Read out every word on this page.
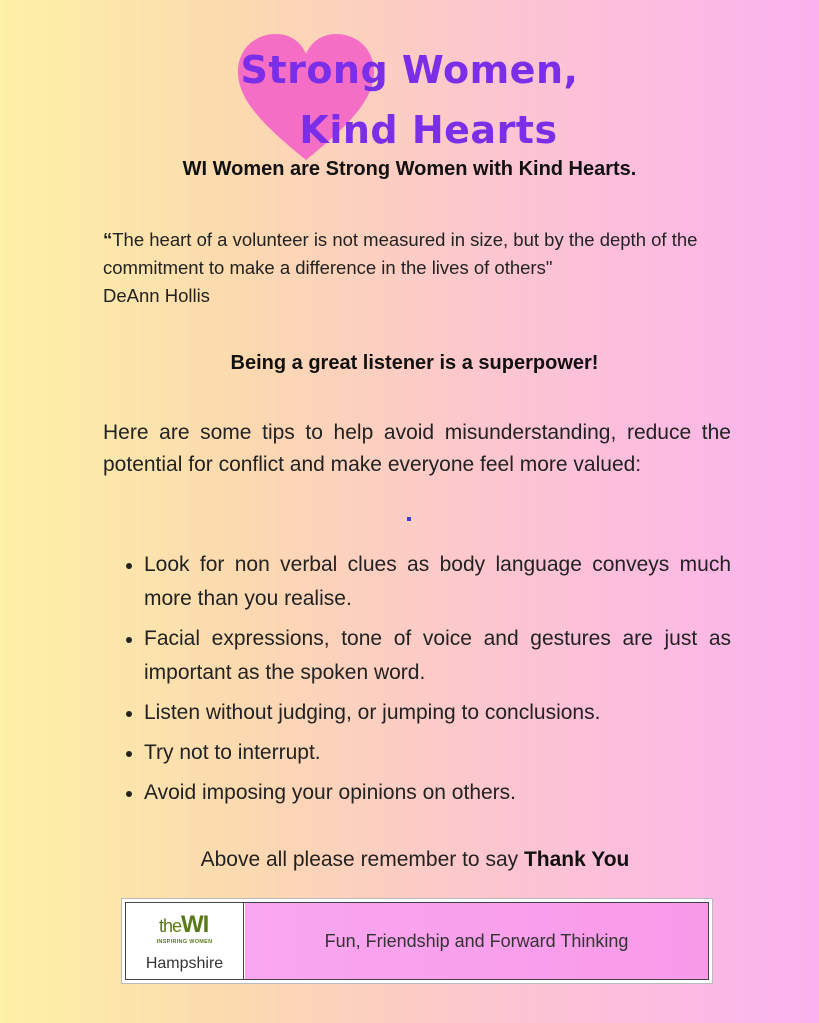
Strong Women,
Kind Hearts
WI Women are Strong Women with Kind Hearts.
“The heart of a volunteer is not measured in size, but by the depth of the commitment to make a difference in the lives of others"
DeAnn Hollis
Being a great listener is a superpower!
Here are some tips to help avoid misunderstanding, reduce the potential for conflict and make everyone feel more valued:
Look for non verbal clues as body language conveys much more than you realise.
Facial expressions, tone of voice and gestures are just as important as the spoken word.
Listen without judging, or jumping to conclusions.
Try not to interrupt.
Avoid imposing your opinions on others.
Above all please remember to say Thank You
theWI
INSPIRING WOMEN
Hampshire
Fun, Friendship and Forward Thinking
